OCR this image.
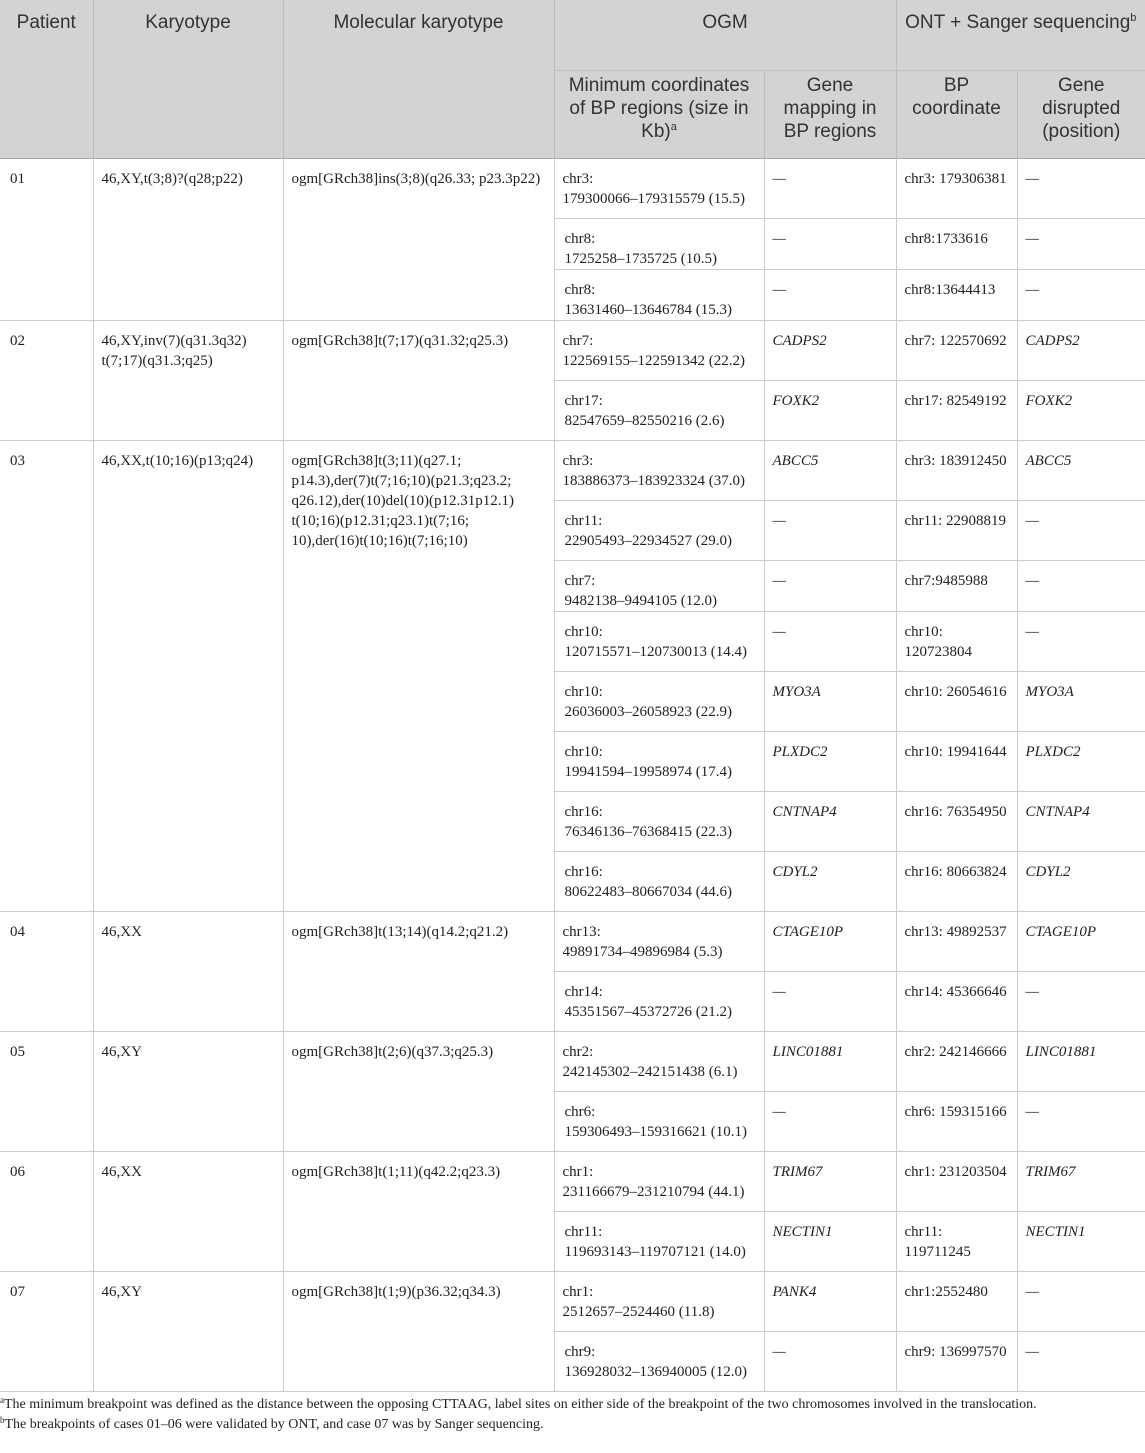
Patient	Karyotype	Molecular karyotype	OGM		ONT + Sanger sequencing$^b$
			Minimum coordinates of BP regions (size in Kb)$^a$	Gene mapping in BP regions	BP coordinate	Gene disrupted (position)
01	46,XY,t(3;8)?(q28;p22)	ogm[GRch38]ins(3;8)(q26.33; p23.3p22)	chr3:
179300066–179315579 (15.5)	—	chr3: 179306381	—
			chr8:
1725258–1735725 (10.5)	—	chr8:1733616	—
			chr8:
13631460–13646784 (15.3)	—	chr8:13644413	—
02	46,XY,inv(7)(q31.3q32) t(7;17)(q31.3;q25)	ogm[GRch38]t(7;17)(q31.32;q25.3)	chr7:
122569155–122591342 (22.2)	CADPS2	chr7: 122570692	CADPS2
			chr17:
82547659–82550216 (2.6)	FOXK2	chr17: 82549192	FOXK2
03	46,XX,t(10;16)(p13;q24)	ogm[GRch38]t(3;11)(q27.1; p14.3),der(7)t(7;16;10)(p21.3;q23.2; q26.12),der(10)del(10)(p12.31p12.1) t(10;16)(p12.31;q23.1)t(7;16; 10),der(16)t(10;16)t(7;16;10)	chr3:
183886373–183923324 (37.0)	ABCC5	chr3: 183912450	ABCC5
			chr11:
22905493–22934527 (29.0)	—	chr11: 22908819	—
			chr7:
9482138–9494105 (12.0)	—	chr7:9485988	—
			chr10:
120715571–120730013 (14.4)	—	chr10: 120723804	—
			chr10:
26036003–26058923 (22.9)	MYO3A	chr10: 26054616	MYO3A
			chr10:
19941594–19958974 (17.4)	PLXDC2	chr10: 19941644	PLXDC2
			chr16:
76346136–76368415 (22.3)	CNTNAP4	chr16: 76354950	CNTNAP4
			chr16:
80622483–80667034 (44.6)	CDYL2	chr16: 80663824	CDYL2
04	46,XX	ogm[GRch38]t(13;14)(q14.2;q21.2)	chr13:
49891734–49896984 (5.3)	CTAGE10P	chr13: 49892537	CTAGE10P
			chr14:
45351567–45372726 (21.2)	—	chr14: 45366646	—
05	46,XY	ogm[GRch38]t(2;6)(q37.3;q25.3)	chr2:
242145302–242151438 (6.1)	LINC01881	chr2: 242146666	LINC01881
			chr6:
159306493–159316621 (10.1)	—	chr6: 159315166	—
06	46,XX	ogm[GRch38]t(1;11)(q42.2;q23.3)	chr1:
231166679–231210794 (44.1)	TRIM67	chr1: 231203504	TRIM67
			chr11:
119693143–119707121 (14.0)	NECTIN1	chr11: 119711245	NECTIN1
07	46,XY	ogm[GRch38]t(1;9)(p36.32;q34.3)	chr1:
2512657–2524460 (11.8)	PANK4	chr1:2552480	—
			chr9:
136928032–136940005 (12.0)	—	chr9: 136997570	—
$^a$The minimum breakpoint was defined as the distance between the opposing CTTAAG, label sites on either side of the breakpoint of the two chromosomes involved in the translocation.
$^b$The breakpoints of cases 01–06 were validated by ONT, and case 07 was by Sanger sequencing.
